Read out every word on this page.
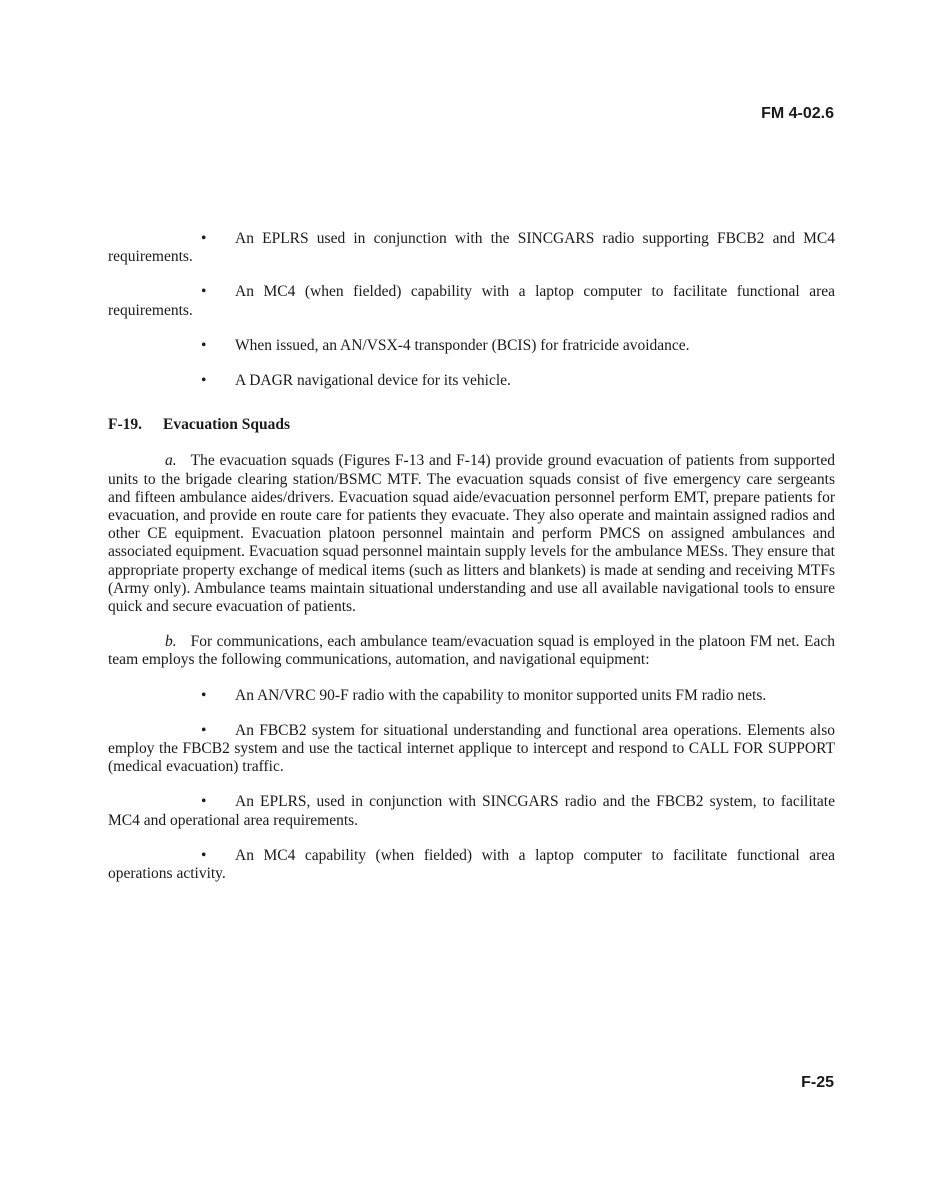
FM 4-02.6

• An EPLRS used in conjunction with the SINCGARS radio supporting FBCB2 and MC4 requirements.

• An MC4 (when fielded) capability with a laptop computer to facilitate functional area requirements.

• When issued, an AN/VSX-4 transponder (BCIS) for fratricide avoidance.

• A DAGR navigational device for its vehicle.

F-19. Evacuation Squads

a. The evacuation squads (Figures F-13 and F-14) provide ground evacuation of patients from supported units to the brigade clearing station/BSMC MTF. The evacuation squads consist of five emergency care sergeants and fifteen ambulance aides/drivers. Evacuation squad aide/evacuation personnel perform EMT, prepare patients for evacuation, and provide en route care for patients they evacuate. They also operate and maintain assigned radios and other CE equipment. Evacuation platoon personnel maintain and perform PMCS on assigned ambulances and associated equipment. Evacuation squad personnel maintain supply levels for the ambulance MESs. They ensure that appropriate property exchange of medical items (such as litters and blankets) is made at sending and receiving MTFs (Army only). Ambulance teams maintain situational understanding and use all available navigational tools to ensure quick and secure evacuation of patients.

b. For communications, each ambulance team/evacuation squad is employed in the platoon FM net. Each team employs the following communications, automation, and navigational equipment:

• An AN/VRC 90-F radio with the capability to monitor supported units FM radio nets.

• An FBCB2 system for situational understanding and functional area operations. Elements also employ the FBCB2 system and use the tactical internet applique to intercept and respond to CALL FOR SUPPORT (medical evacuation) traffic.

• An EPLRS, used in conjunction with SINCGARS radio and the FBCB2 system, to facilitate MC4 and operational area requirements.

• An MC4 capability (when fielded) with a laptop computer to facilitate functional area operations activity.

F-25
